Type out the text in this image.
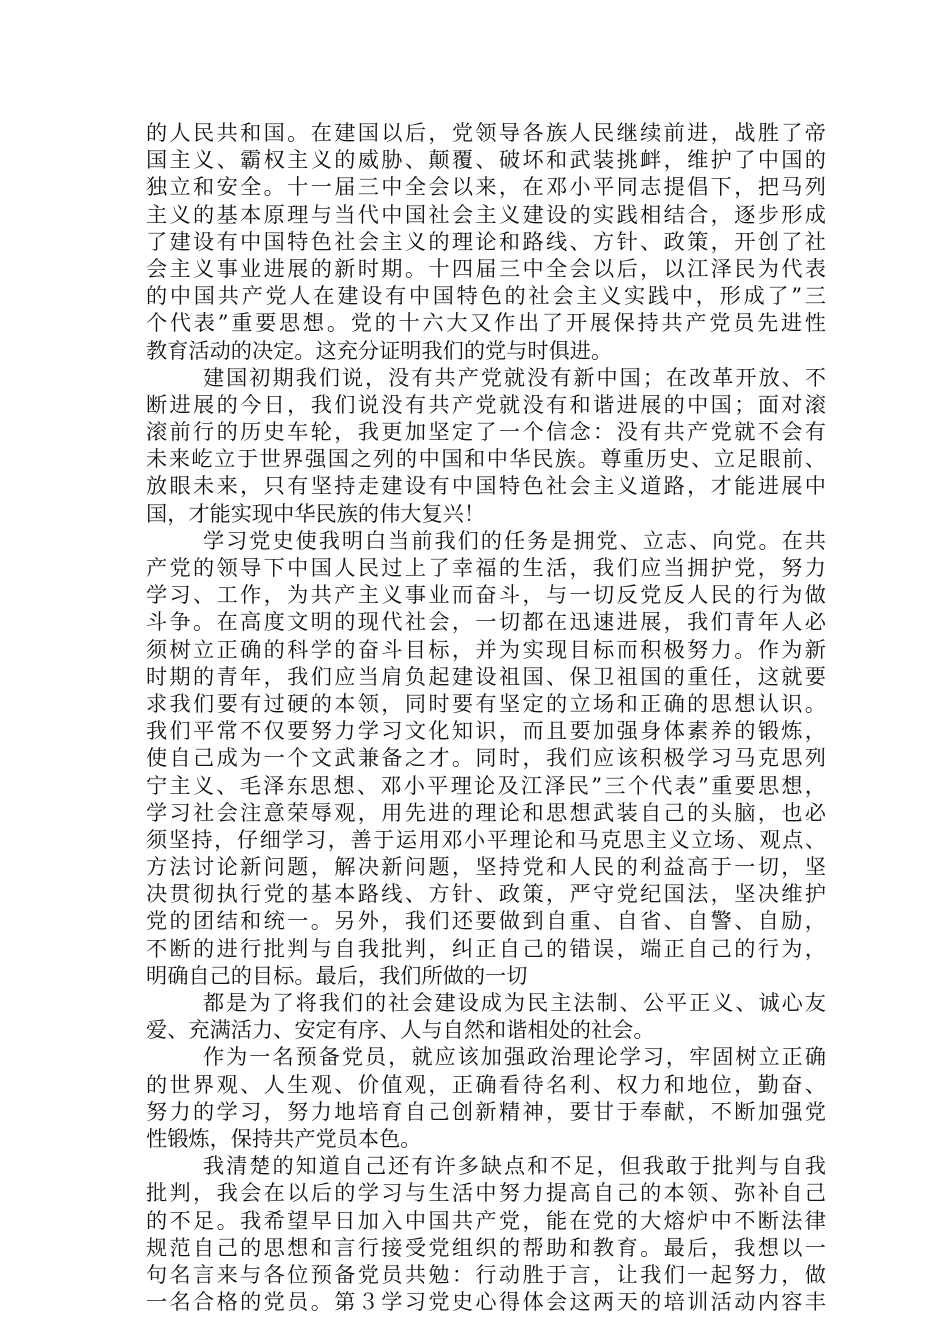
的人民共和国。在建国以后，党领导各族人民继续前进，战胜了帝
国主义、霸权主义的威胁、颠覆、破坏和武装挑衅，维护了中国的
独立和安全。十一届三中全会以来，在邓小平同志提倡下，把马列
主义的基本原理与当代中国社会主义建设的实践相结合，逐步形成
了建设有中国特色社会主义的理论和路线、方针、政策，开创了社
会主义事业进展的新时期。十四届三中全会以后，以江泽民为代表
的中国共产党人在建设有中国特色的社会主义实践中，形成了”三
个代表”重要思想。党的十六大又作出了开展保持共产党员先进性
教育活动的决定。这充分证明我们的党与时俱进。
建国初期我们说，没有共产党就没有新中国；在改革开放、不
断进展的今日，我们说没有共产党就没有和谐进展的中国；面对滚
滚前行的历史车轮，我更加坚定了一个信念：没有共产党就不会有
未来屹立于世界强国之列的中国和中华民族。尊重历史、立足眼前、
放眼未来，只有坚持走建设有中国特色社会主义道路，才能进展中
国，才能实现中华民族的伟大复兴！
学习党史使我明白当前我们的任务是拥党、立志、向党。在共
产党的领导下中国人民过上了幸福的生活，我们应当拥护党，努力
学习、工作，为共产主义事业而奋斗，与一切反党反人民的行为做
斗争。在高度文明的现代社会，一切都在迅速进展，我们青年人必
须树立正确的科学的奋斗目标，并为实现目标而积极努力。作为新
时期的青年，我们应当肩负起建设祖国、保卫祖国的重任，这就要
求我们要有过硬的本领，同时要有坚定的立场和正确的思想认识。
我们平常不仅要努力学习文化知识，而且要加强身体素养的锻炼，
使自己成为一个文武兼备之才。同时，我们应该积极学习马克思列
宁主义、毛泽东思想、邓小平理论及江泽民”三个代表”重要思想，
学习社会注意荣辱观，用先进的理论和思想武装自己的头脑，也必
须坚持，仔细学习，善于运用邓小平理论和马克思主义立场、观点、
方法讨论新问题，解决新问题，坚持党和人民的利益高于一切，坚
决贯彻执行党的基本路线、方针、政策，严守党纪国法，坚决维护
党的团结和统一。另外，我们还要做到自重、自省、自警、自励，
不断的进行批判与自我批判，纠正自己的错误，端正自己的行为，
明确自己的目标。最后，我们所做的一切
都是为了将我们的社会建设成为民主法制、公平正义、诚心友
爱、充满活力、安定有序、人与自然和谐相处的社会。
作为一名预备党员，就应该加强政治理论学习，牢固树立正确
的世界观、人生观、价值观，正确看待名利、权力和地位，勤奋、
努力的学习，努力地培育自己创新精神，要甘于奉献，不断加强党
性锻炼，保持共产党员本色。
我清楚的知道自己还有许多缺点和不足，但我敢于批判与自我
批判，我会在以后的学习与生活中努力提高自己的本领、弥补自己
的不足。我希望早日加入中国共产党，能在党的大熔炉中不断法律
规范自己的思想和言行接受党组织的帮助和教育。最后，我想以一
句名言来与各位预备党员共勉：行动胜于言，让我们一起努力，做
一名合格的党员。第３学习党史心得体会这两天的培训活动内容丰
